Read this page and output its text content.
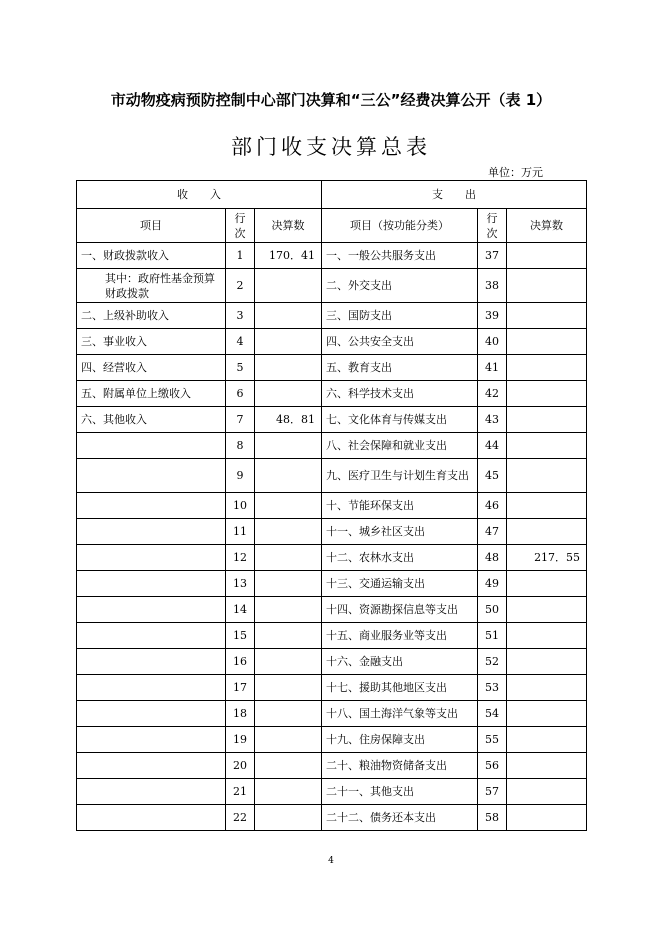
市动物疫病预防控制中心部门决算和“三公”经费决算公开（表 1）
部门收支决算总表
单位：万元
收　　入			支　　出		
项目	行次	决算数	项目（按功能分类）	行次	决算数
一、财政拨款收入	1	170．41	一、一般公共服务支出	37	
其中：政府性基金预算财政拨款	2		二、外交支出	38	
二、上级补助收入	3		三、国防支出	39	
三、事业收入	4		四、公共安全支出	40	
四、经营收入	5		五、教育支出	41	
五、附属单位上缴收入	6		六、科学技术支出	42	
六、其他收入	7	48．81	七、文化体育与传媒支出	43	
	8		八、社会保障和就业支出	44	
	9		九、医疗卫生与计划生育支出	45	
	10		十、节能环保支出	46	
	11		十一、城乡社区支出	47	
	12		十二、农林水支出	48	217．55
	13		十三、交通运输支出	49	
	14		十四、资源勘探信息等支出	50	
	15		十五、商业服务业等支出	51	
	16		十六、金融支出	52	
	17		十七、援助其他地区支出	53	
	18		十八、国土海洋气象等支出	54	
	19		十九、住房保障支出	55	
	20		二十、粮油物资储备支出	56	
	21		二十一、其他支出	57	
	22		二十二、债务还本支出	58	
4
